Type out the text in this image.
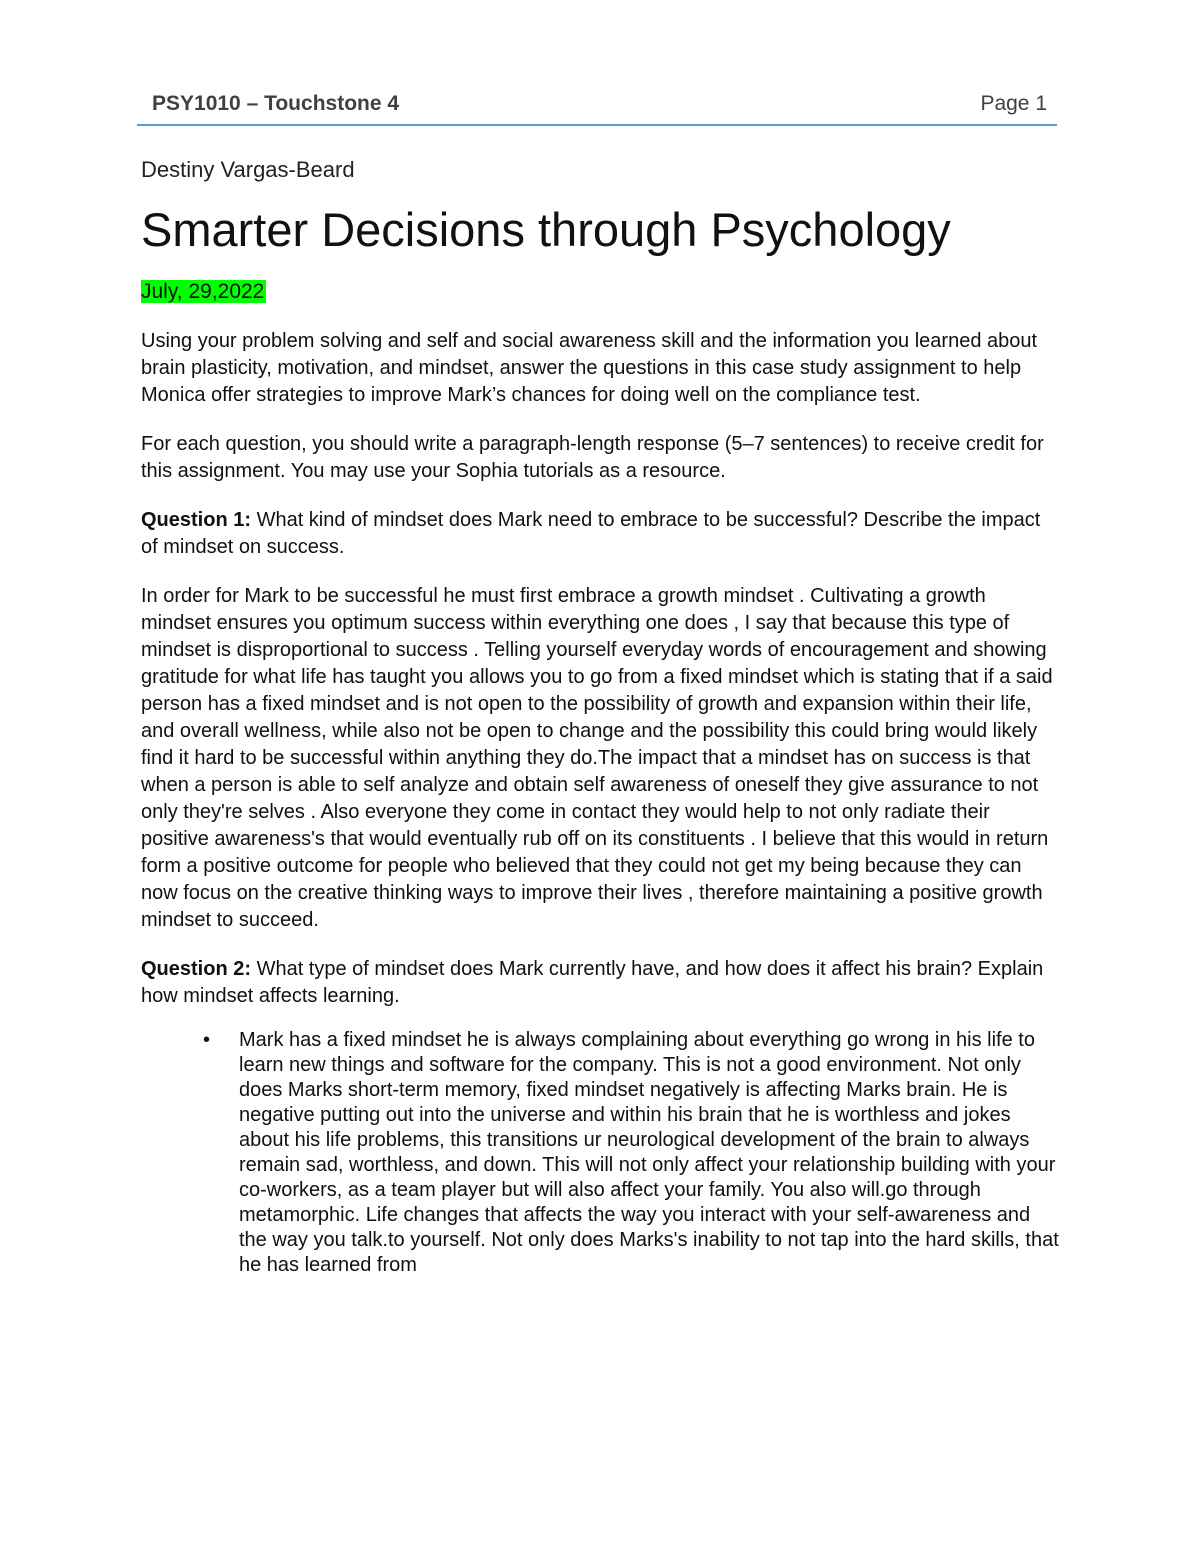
PSY1010 – Touchstone 4	Page 1
Destiny Vargas-Beard
Smarter Decisions through Psychology
July, 29,2022

Using your problem solving and self and social awareness skill and the information you learned about brain plasticity, motivation, and mindset, answer the questions in this case study assignment to help Monica offer strategies to improve Mark’s chances for doing well on the compliance test.

For each question, you should write a paragraph-length response (5–7 sentences) to receive credit for this assignment. You may use your Sophia tutorials as a resource.

Question 1: What kind of mindset does Mark need to embrace to be successful? Describe the impact of mindset on success.

In order for Mark to be successful he must first embrace a growth mindset . Cultivating a growth mindset ensures you optimum success within everything one does , I say that because this type of mindset is disproportional to success . Telling yourself everyday words of encouragement and showing gratitude for what life has taught you allows you to go from a fixed mindset which is stating that if a said person has a fixed mindset and is not open to the possibility of growth and expansion within their life, and overall wellness, while also not be open to change and the possibility this could bring would likely find it hard to be successful within anything they do.The impact that a mindset has on success is that when a person is able to self analyze and obtain self awareness of oneself they give assurance to not only they're selves . Also everyone they come in contact they would help to not only radiate their positive awareness's that would eventually rub off on its constituents . I believe that this would in return form a positive outcome for people who believed that they could not get my being because they can now focus on the creative thinking ways to improve their lives , therefore maintaining a positive growth mindset to succeed.

Question 2: What type of mindset does Mark currently have, and how does it affect his brain? Explain how mindset affects learning.

• Mark has a fixed mindset he is always complaining about everything go wrong in his life to learn new things and software for the company. This is not a good environment. Not only does Marks short-term memory, fixed mindset negatively is affecting Marks brain. He is negative putting out into the universe and within his brain that he is worthless and jokes about his life problems, this transitions ur neurological development of the brain to always remain sad, worthless, and down. This will not only affect your relationship building with your co-workers, as a team player but will also affect your family. You also will.go through metamorphic. Life changes that affects the way you interact with your self-awareness and the way you talk.to yourself. Not only does Marks's inability to not tap into the hard skills, that he has learned from
